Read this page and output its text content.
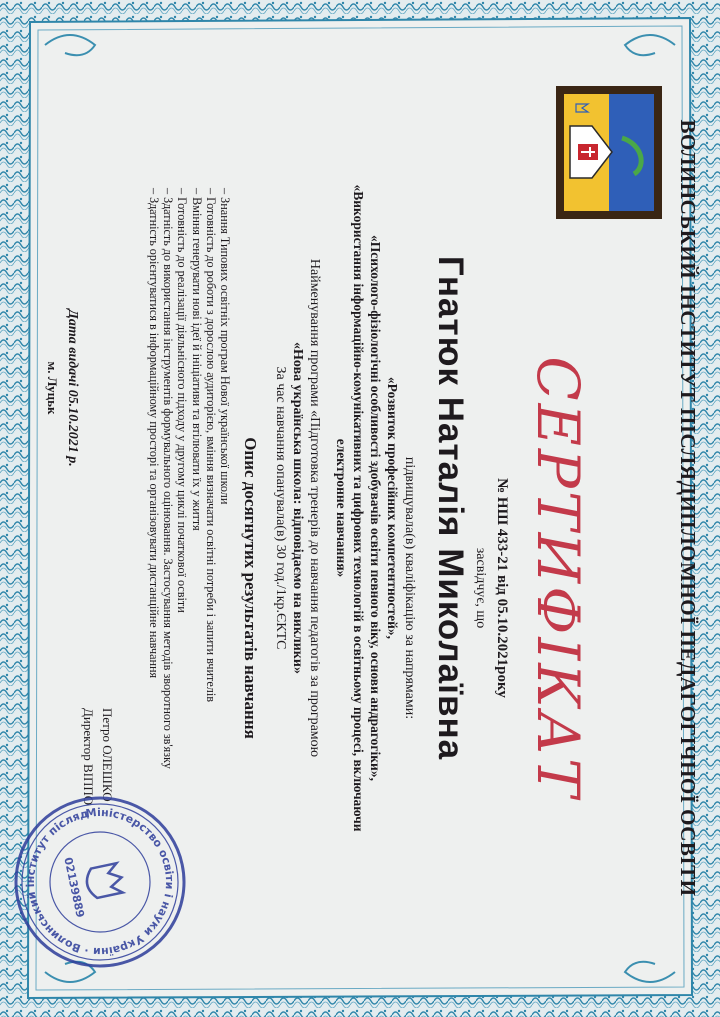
ВОЛИНСЬКИЙ ІНСТИТУТ ПІСЛЯДИПЛОМНОЇ ПЕДАГОГІЧНОЇ ОСВІТИ
СЕРТИФІКАТ
№ НШ 433-21 від 05.10.2021року
засвідчує, що
Гнатюк Наталія Миколаївна
підвищувала(в) кваліфікацію за напрямами:
«Розвиток професійних компетентностей»,
«Психолого-фізіологічні особливості здобувачів освіти певного віку, основи андрагогіки»,
«Використання інформаційно-комунікативних та цифрових технологій в освітньому процесі, включаючи
електронне навчання»
Найменування програми «Підготовка тренерів до навчання педагогів за програмою
«Нова українська школа: відповідаємо на виклики»
За час навчання опанувала(в) 30 год./1кр.ЄКТС
Опис досягнутих результатів навчання
– Знання Типових освітніх програм Нової української школи
– Готовність до роботи з дорослою аудиторією, вміння визначати освітні потреби і запити вчителів
– Вміння генерувати нові ідеї й ініціативи та втілювати їх у життя
– Готовність до реалізації діяльнісного підходу у другому циклі початкової освіти
– Здатність до використання інструментів формувального оцінювання. Застосування методів зворотного зв'язку
– Здатність орієнтуватися в інформаційному просторі та організовувати дистанційне навчання
Дата видачі 05.10.2021 р.
м. Луцьк
Петро ОЛЕШКО
Директор ВІППО
Міністерство освіти і науки України · Волинський інститут післядипломної
02139889
